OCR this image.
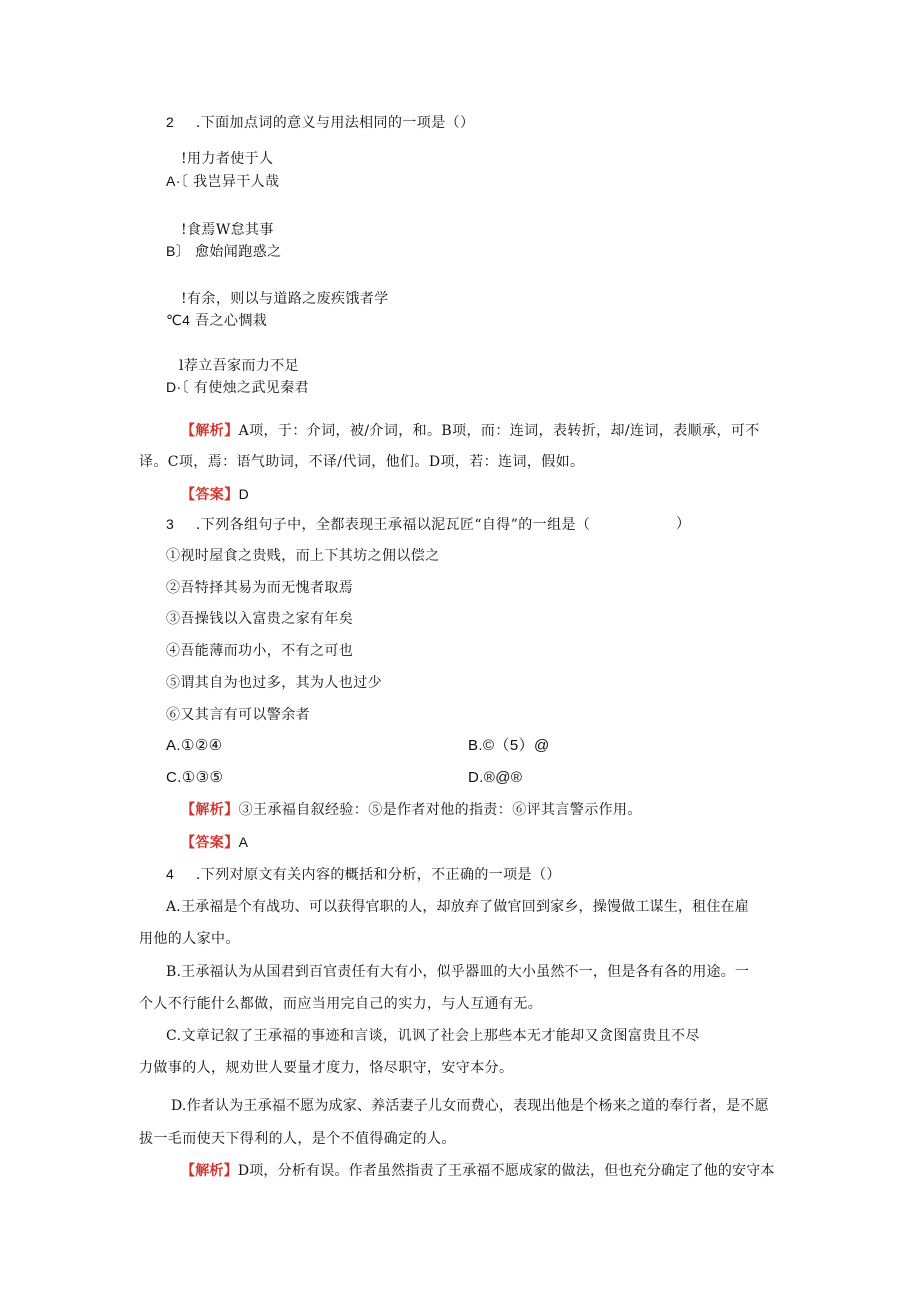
2 .下面加点词的意义与用法相同的一项是（）
!用力者使于人
A·〔 我岂异干人哉
!食焉W怠其事
B〕 愈始闻跑惑之
!有余，则以与道路之废疾饿者学
℃4 吾之心惆栽
l荐立吾家而力不足
D·〔 有使烛之武见秦君
【解析】A项，于：介词，被/介词，和。B项，而：连词，表转折，却/连词，表顺承，可不
译。C项，焉：语气助词，不译/代词，他们。D项，若：连词，假如。
【答案】D
3 .下列各组句子中，全都表现王承福以泥瓦匠“自得”的一组是（	）
①视时屋食之贵贱，而上下其坊之佣以偿之
②吾特择其易为而无愧者取焉
③吾操钱以入富贵之家有年矣
④吾能薄而功小，不有之可也
⑤谓其自为也过多，其为人也过少
⑥又其言有可以警余者
A.①②④	B.©（5）@
C.①③⑤	D.®@®
【解析】③王承福自叙经验：⑤是作者对他的指责：⑥评其言警示作用。
【答案】A
4 .下列对原文有关内容的概括和分析，不正确的一项是（）
A.王承福是个有战功、可以获得官职的人，却放弃了做官回到家乡，操馒做工谋生，租住在雇
用他的人家中。
B.王承福认为从国君到百官责任有大有小，似乎器皿的大小虽然不一，但是各有各的用途。一
个人不行能什么都做，而应当用完自己的实力，与人互通有无。
C.文章记叙了王承福的事迹和言谈，讥讽了社会上那些本无才能却又贪图富贵且不尽
力做事的人，规劝世人要量才度力，恪尽职守，安守本分。
D.作者认为王承福不愿为成家、养活妻子儿女而费心，表现出他是个杨来之道的奉行者，是不愿
拔一毛而使天下得利的人，是个不值得确定的人。
【解析】D项，分析有误。作者虽然指责了王承福不愿成家的做法，但也充分确定了他的安守本
